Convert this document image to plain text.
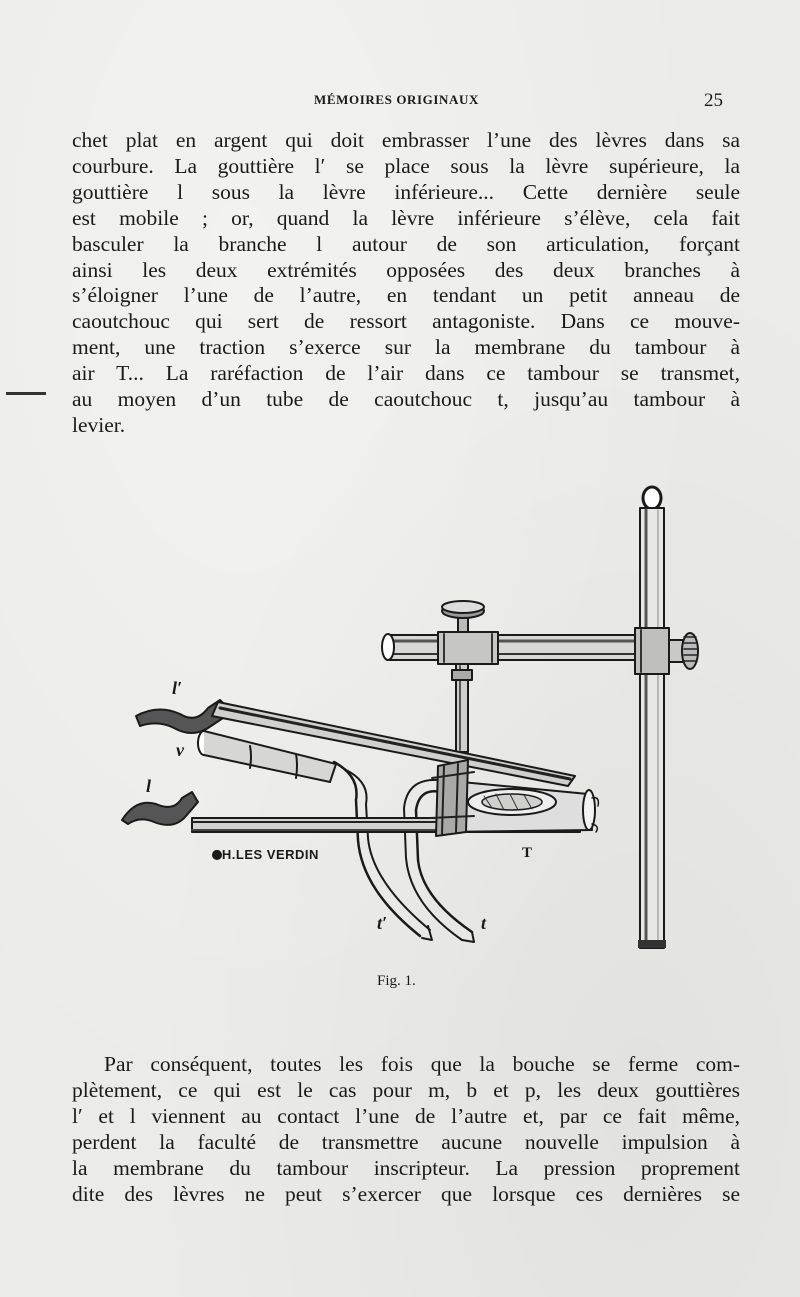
MÉMOIRES ORIGINAUX	25
chet plat en argent qui doit embrasser l’une des lèvres dans sa
courbure. La gouttière l′ se place sous la lèvre supérieure, la
gouttière l sous la lèvre inférieure... Cette dernière seule
est mobile ; or, quand la lèvre inférieure s’élève, cela fait
basculer la branche l autour de son articulation, forçant
ainsi les deux extrémités opposées des deux branches à
s’éloigner l’une de l’autre, en tendant un petit anneau de
caoutchouc qui sert de ressort antagoniste. Dans ce mouve-
ment, une traction s’exerce sur la membrane du tambour à
air T... La raréfaction de l’air dans ce tambour se transmet,
au moyen d’un tube de caoutchouc t, jusqu’au tambour à
levier.
l′
v
l
t′	t
T
CH.LES VERDIN
Fig. 1.
Par conséquent, toutes les fois que la bouche se ferme com-
plètement, ce qui est le cas pour m, b et p, les deux gouttières
l′ et l viennent au contact l’une de l’autre et, par ce fait même,
perdent la faculté de transmettre aucune nouvelle impulsion à
la membrane du tambour inscripteur. La pression proprement
dite des lèvres ne peut s’exercer que lorsque ces dernières se
